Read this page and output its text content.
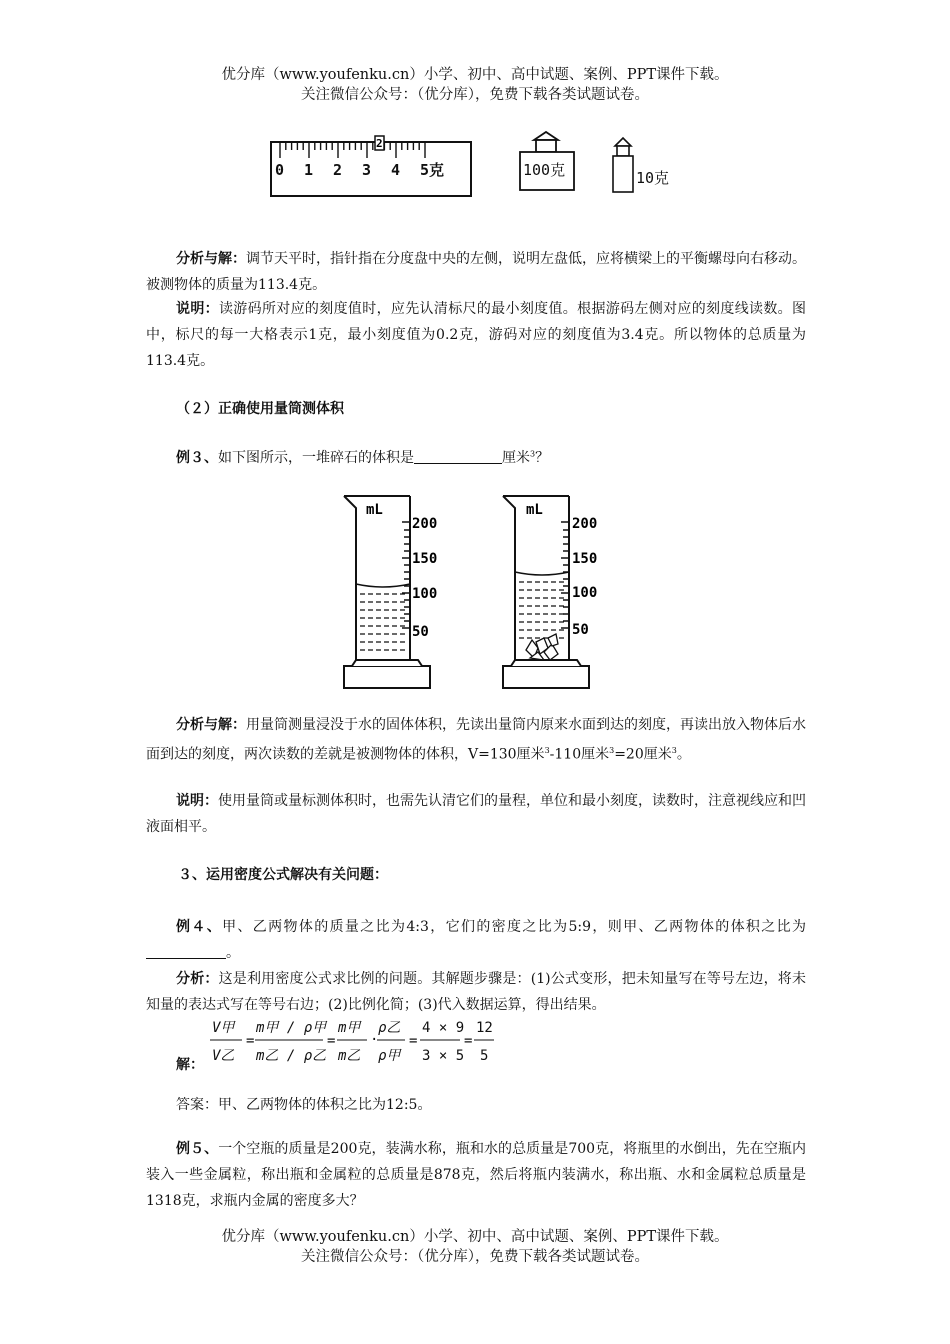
优分库（www.youfenku.cn）小学、初中、高中试题、案例、PPT课件下载。
关注微信公众号：（优分库），免费下载各类试题试卷。
2
0 1 2 3 4 5克	100克	10克
分析与解：调节天平时，指针指在分度盘中央的左侧，说明左盘低，应将横梁上的平衡螺母向右移动。被测物体的质量为113.4克。
说明：读游码所对应的刻度值时，应先认清标尺的最小刻度值。根据游码左侧对应的刻度线读数。图中，标尺的每一大格表示1克，最小刻度值为0.2克，游码对应的刻度值为3.4克。所以物体的总质量为113.4克。
（２）正确使用量筒测体积
例３、如下图所示，一堆碎石的体积是	厘米$^3$？
mL
200
150
100
50
mL
200
150
100
50
分析与解：用量筒测量浸没于水的固体体积，先读出量筒内原来水面到达的刻度，再读出放入物体后水面到达的刻度，两次读数的差就是被测物体的体积，V=130厘米$^3$-110厘米$^3$=20厘米$^3$。
说明：使用量筒或量标测体积时，也需先认清它们的量程，单位和最小刻度，读数时，注意视线应和凹液面相平。
３、运用密度公式解决有关问题：
例４、甲、乙两物体的质量之比为4:3，它们的密度之比为5:9，则甲、乙两物体的体积之比为。
分析：这是利用密度公式求比例的问题。其解题步骤是：(1)公式变形，把未知量写在等号左边，将未知量的表达式写在等号右边；(2)比例化简；(3)代入数据运算，得出结果。
解：
V甲
V乙
=
m甲 / ρ甲
m乙 / ρ乙
=
m甲
m乙
·
ρ乙
ρ甲
=
4 × 9
3 × 5
=
12
5
答案：甲、乙两物体的体积之比为12:5。
例５、一个空瓶的质量是200克，装满水称，瓶和水的总质量是700克，将瓶里的水倒出，先在空瓶内装入一些金属粒，称出瓶和金属粒的总质量是878克，然后将瓶内装满水，称出瓶、水和金属粒总质量是1318克，求瓶内金属的密度多大？
优分库（www.youfenku.cn）小学、初中、高中试题、案例、PPT课件下载。
关注微信公众号：（优分库），免费下载各类试题试卷。
